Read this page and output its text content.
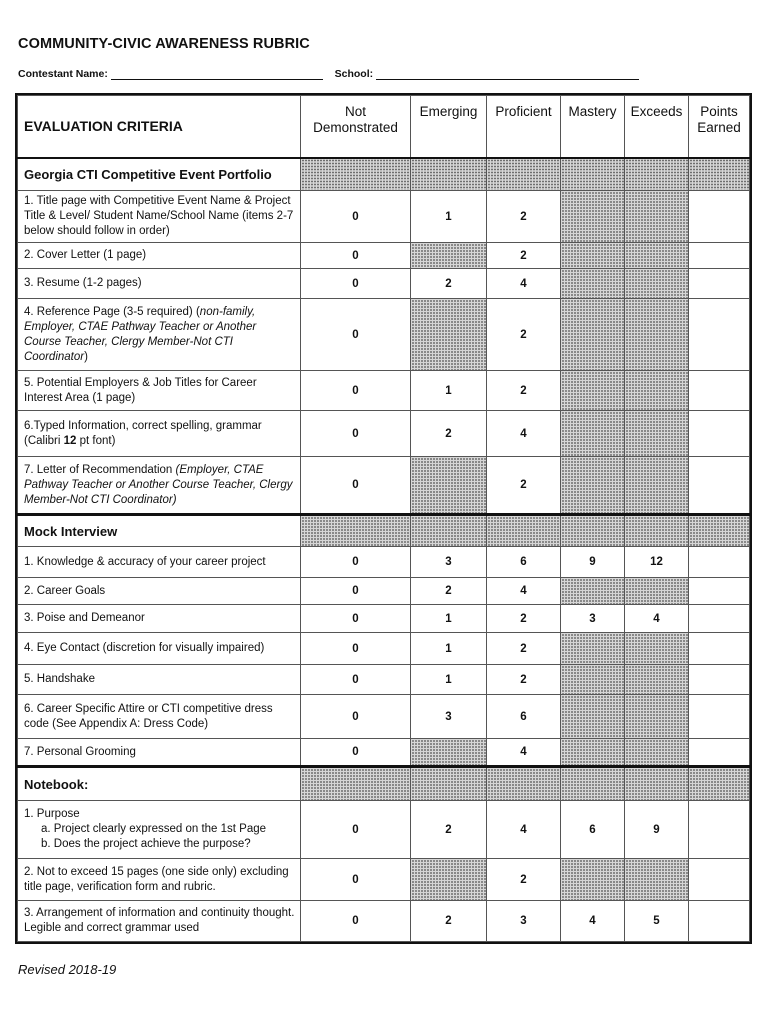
COMMUNITY-CIVIC AWARENESS RUBRIC
Contestant Name:	School:
EVALUATION CRITERIA	Not Demonstrated	Emerging	Proficient	Mastery	Exceeds	Points Earned
Georgia CTI Competitive Event Portfolio						
1. Title page with Competitive Event Name & Project Title & Level/ Student Name/School Name (items 2-7 below should follow in order)	0	1	2			
2. Cover Letter (1 page)	0		2			
3. Resume (1-2 pages)	0	2	4			
4. Reference Page (3-5 required) (non-family, Employer, CTAE Pathway Teacher or Another Course Teacher, Clergy Member-Not CTI Coordinator)	0		2			
5. Potential Employers & Job Titles for Career Interest Area (1 page)	0	1	2			
6.Typed Information, correct spelling, grammar (Calibri 12 pt font)	0	2	4			
7. Letter of Recommendation (Employer, CTAE Pathway Teacher or Another Course Teacher, Clergy Member-Not CTI Coordinator)	0		2			
Mock Interview						
1. Knowledge & accuracy of your career project	0	3	6	9	12	
2. Career Goals	0	2	4			
3. Poise and Demeanor	0	1	2	3	4	
4. Eye Contact (discretion for visually impaired)	0	1	2			
5. Handshake	0	1	2			
6. Career Specific Attire or CTI competitive dress code (See Appendix A: Dress Code)	0	3	6			
7. Personal Grooming	0		4			
Notebook:						
1. Purpose
a. Project clearly expressed on the 1st Page
b. Does the project achieve the purpose?	0	2	4	6	9	
2. Not to exceed 15 pages (one side only) excluding title page, verification form and rubric.	0		2			
3. Arrangement of information and continuity thought. Legible and correct grammar used	0	2	3	4	5	
Revised 2018-19
